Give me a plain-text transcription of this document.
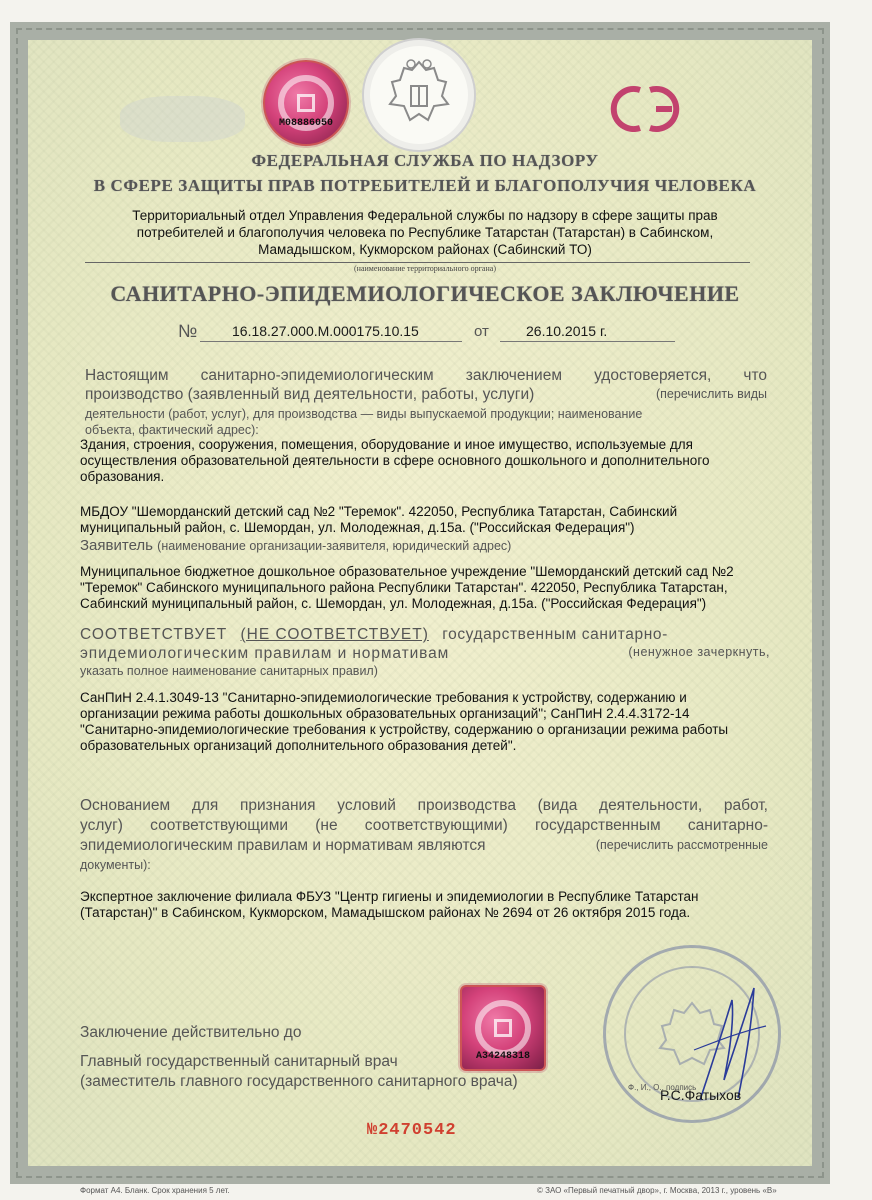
M08886050
ФЕДЕРАЛЬНАЯ СЛУЖБА ПО НАДЗОРУ
В СФЕРЕ ЗАЩИТЫ ПРАВ ПОТРЕБИТЕЛЕЙ И БЛАГОПОЛУЧИЯ ЧЕЛОВЕКА
Территориальный отдел Управления Федеральной службы по надзору в сфере защиты прав
потребителей и благополучия человека по Республике Татарстан (Татарстан) в Сабинском,
Мамадышском, Кукморском районах (Сабинский ТО)
(наименование территориального органа)
САНИТАРНО-ЭПИДЕМИОЛОГИЧЕСКОЕ ЗАКЛЮЧЕНИЕ
№ 16.18.27.000.М.000175.10.15	от	26.10.2015 г.
Настоящим санитарно-эпидемиологическим заключением удостоверяется, что
производство (заявленный вид деятельности, работы, услуги)	(перечислить виды
деятельности (работ, услуг), для производства — виды выпускаемой продукции; наименование
объекта, фактический адрес):
Здания, строения, сооружения, помещения, оборудование и иное имущество, используемые для
осуществления образовательной деятельности в сфере основного дошкольного и дополнительного
образования.
МБДОУ "Шеморданский детский сад №2 "Теремок". 422050, Республика Татарстан, Сабинский
муниципальный район, с. Шемордан, ул. Молодежная, д.15а. ("Российская Федерация")
Заявитель (наименование организации-заявителя, юридический адрес)
Муниципальное бюджетное дошкольное образовательное учреждение "Шеморданский детский сад №2
"Теремок" Сабинского муниципального района Республики Татарстан". 422050, Республика Татарстан,
Сабинский муниципальный район, с. Шемордан, ул. Молодежная, д.15а. ("Российская Федерация")
СООТВЕТСТВУЕТ (НЕ СООТВЕТСТВУЕТ) государственным санитарно-
эпидемиологическим правилам и нормативам	(ненужное зачеркнуть,
указать полное наименование санитарных правил)
СанПиН 2.4.1.3049-13 "Санитарно-эпидемиологические требования к устройству, содержанию и
организации режима работы дошкольных образовательных организаций"; СанПиН 2.4.4.3172-14
"Санитарно-эпидемиологические требования к устройству, содержанию о организации режима работы
образовательных организаций дополнительного образования детей".
Основанием для признания условий производства (вида деятельности, работ,
услуг) соответствующими (не соответствующими) государственным санитарно-
эпидемиологическим правилам и нормативам являются	(перечислить рассмотренные
документы):
Экспертное заключение филиала ФБУЗ "Центр гигиены и эпидемиологии в Республике Татарстан
(Татарстан)" в Сабинском, Кукморском, Мамадышском районах № 2694 от 26 октября 2015 года.
А34248318
Заключение действительно до
Главный государственный санитарный врач
(заместитель главного государственного санитарного врача)	Ф., И., О., подпись
Р.С.Фатыхов
№2470542
Формат А4. Бланк. Срок хранения 5 лет.	© ЗАО «Первый печатный двор», г. Москва, 2013 г., уровень «В»
